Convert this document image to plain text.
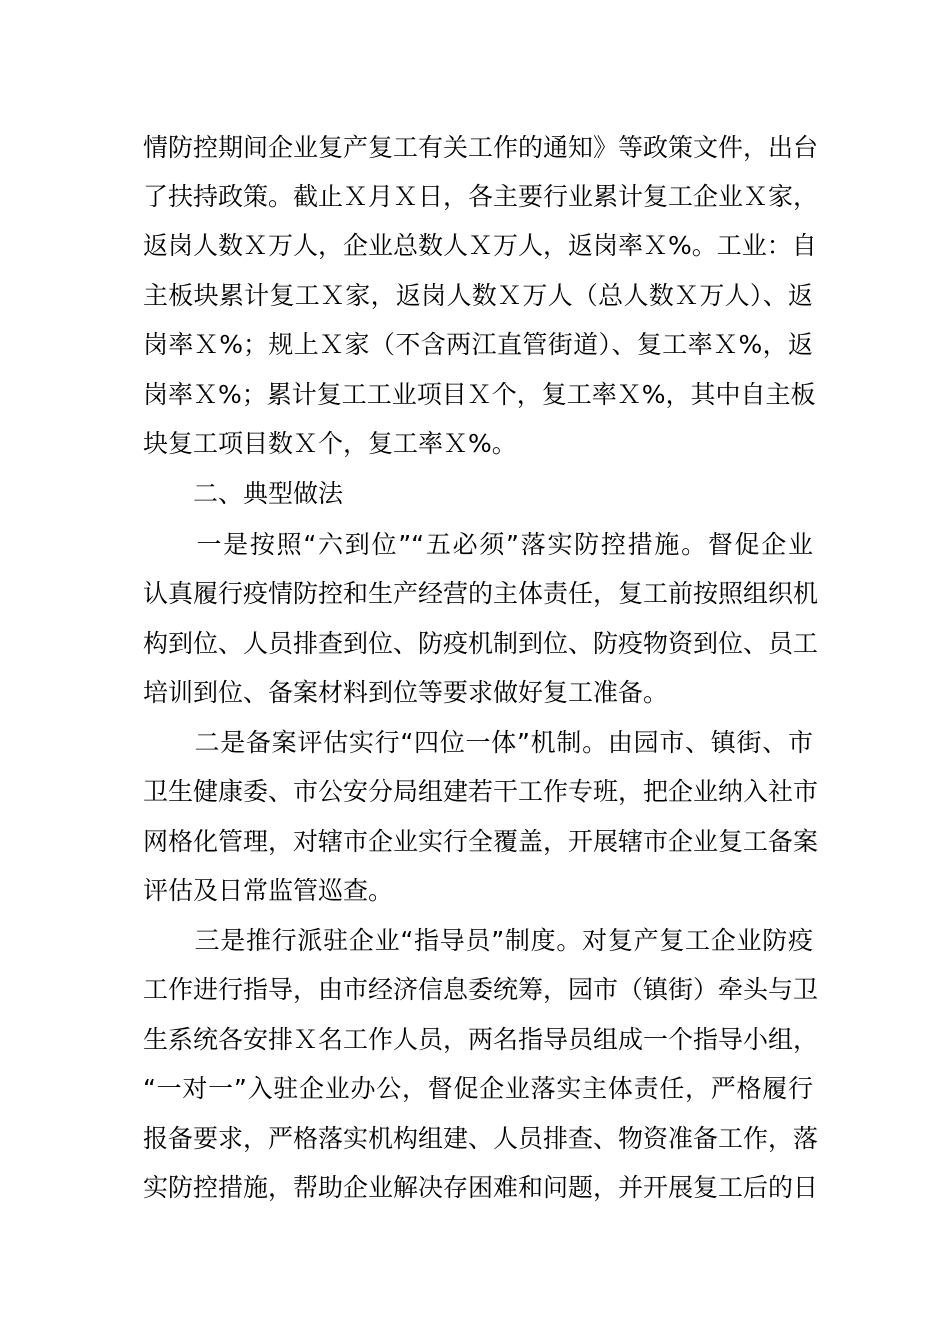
情防控期间企业复产复工有关工作的通知》等政策文件，出台
了扶持政策。截止Ｘ月Ｘ日，各主要行业累计复工企业Ｘ家，
返岗人数Ｘ万人，企业总数人Ｘ万人，返岗率Ｘ%。工业：自
主板块累计复工Ｘ家，返岗人数Ｘ万人（总人数Ｘ万人）、返
岗率Ｘ%；规上Ｘ家（不含两江直管街道）、复工率Ｘ%，返
岗率Ｘ%；累计复工工业项目Ｘ个，复工率Ｘ%，其中自主板
块复工项目数Ｘ个，复工率Ｘ%。
　　二、典型做法
　　一是按照“六到位”“五必须”落实防控措施。督促企业
认真履行疫情防控和生产经营的主体责任，复工前按照组织机
构到位、人员排查到位、防疫机制到位、防疫物资到位、员工
培训到位、备案材料到位等要求做好复工准备。
　　二是备案评估实行“四位一体”机制。由园市、镇街、市
卫生健康委、市公安分局组建若干工作专班，把企业纳入社市
网格化管理，对辖市企业实行全覆盖，开展辖市企业复工备案
评估及日常监管巡查。
　　三是推行派驻企业“指导员”制度。对复产复工企业防疫
工作进行指导，由市经济信息委统筹，园市（镇街）牵头与卫
生系统各安排Ｘ名工作人员，两名指导员组成一个指导小组，
“一对一”入驻企业办公，督促企业落实主体责任，严格履行
报备要求，严格落实机构组建、人员排查、物资准备工作，落
实防控措施，帮助企业解决存困难和问题，并开展复工后的日
